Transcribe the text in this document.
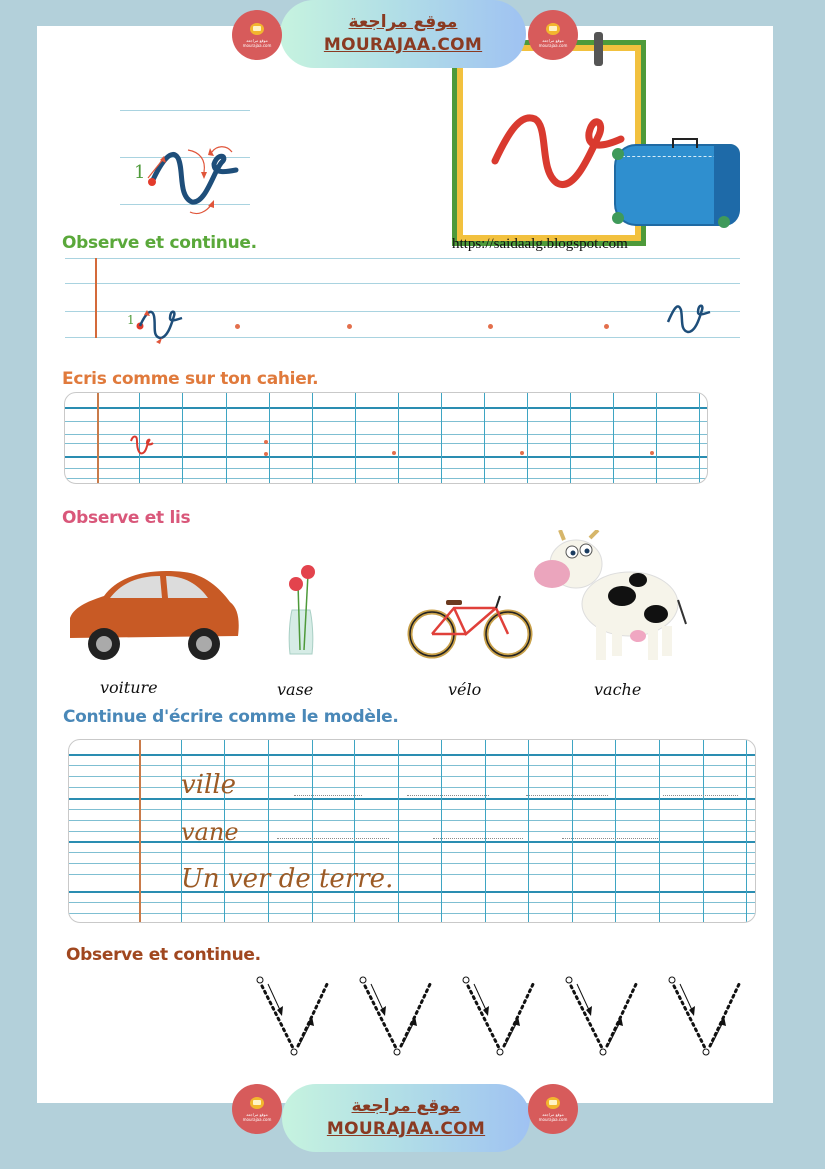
موقع مراجعة
mourajaa.com
موقع مراجعة
MOURAJAA.COM	موقع مراجعة
mourajaa.com
1
https://saidaalg.blogspot.com
Observe et continue.
1
Ecris comme sur ton cahier.
Observe et lis
voiture	vase	vélo	vache
Continue d'écrire comme le modèle.
ville
vane
Un ver de terre.
Observe et continue.
موقع مراجعة
mourajaa.com
موقع مراجعة
MOURAJAA.COM
موقع مراجعة
mourajaa.com
